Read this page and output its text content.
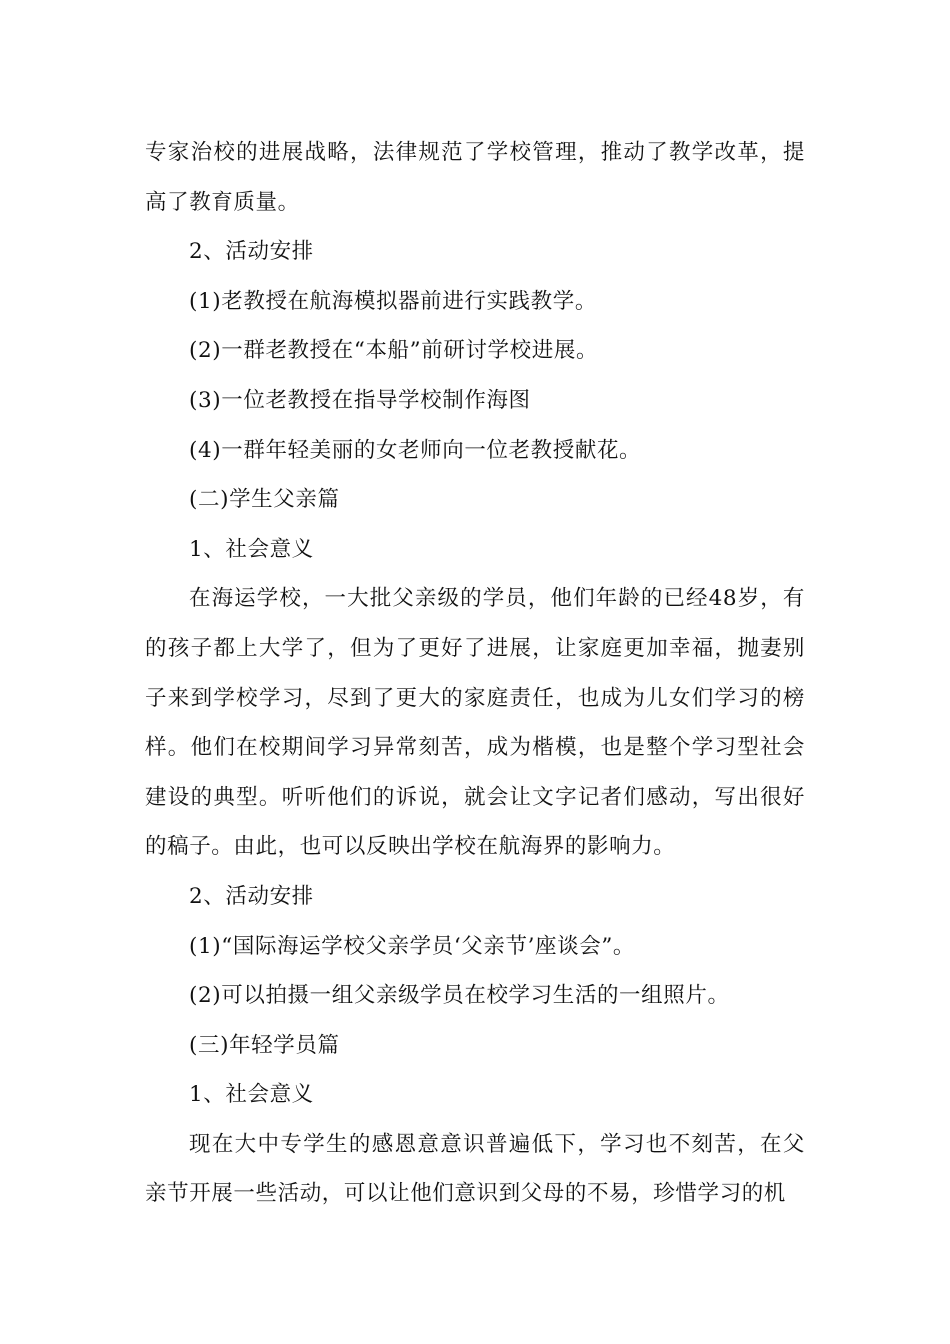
专家治校的进展战略，法律规范了学校管理，推动了教学改革，提高了教育质量。

2、活动安排

(1)老教授在航海模拟器前进行实践教学。

(2)一群老教授在“本船”前研讨学校进展。

(3)一位老教授在指导学校制作海图

(4)一群年轻美丽的女老师向一位老教授献花。

(二)学生父亲篇

1、社会意义

在海运学校，一大批父亲级的学员，他们年龄的已经48岁，有的孩子都上大学了，但为了更好了进展，让家庭更加幸福，抛妻别子来到学校学习，尽到了更大的家庭责任，也成为儿女们学习的榜样。他们在校期间学习异常刻苦，成为楷模，也是整个学习型社会建设的典型。听听他们的诉说，就会让文字记者们感动，写出很好的稿子。由此，也可以反映出学校在航海界的影响力。

2、活动安排

(1)“国际海运学校父亲学员‘父亲节’座谈会”。

(2)可以拍摄一组父亲级学员在校学习生活的一组照片。

(三)年轻学员篇

1、社会意义

现在大中专学生的感恩意意识普遍低下，学习也不刻苦，在父亲节开展一些活动，可以让他们意识到父母的不易，珍惜学习的机
